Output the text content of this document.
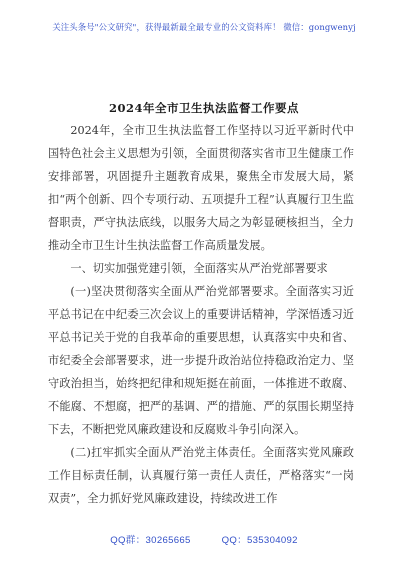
关注头条号"公文研究"，获得最新最全最专业的公文资料库！ 微信：gongwenyj
2024年全市卫生执法监督工作要点

2024年，全市卫生执法监督工作坚持以习近平新时代中国特色社会主义思想为引领，全面贯彻落实省市卫生健康工作安排部署，巩固提升主题教育成果，聚焦全市发展大局，紧扣“两个创新、四个专项行动、五项提升工程”认真履行卫生监督职责，严守执法底线，以服务大局之为彰显硬核担当，全力推动全市卫生计生执法监督工作高质量发展。

一、切实加强党建引领，全面落实从严治党部署要求

(一)坚决贯彻落实全面从严治党部署要求。全面落实习近平总书记在中纪委三次会议上的重要讲话精神，学深悟透习近平总书记关于党的自我革命的重要思想，认真落实中央和省、市纪委全会部署要求，进一步提升政治站位持稳政治定力、坚守政治担当，始终把纪律和规矩挺在前面，一体推进不敢腐、不能腐、不想腐，把严的基调、严的措施、严的氛围长期坚持下去，不断把党风廉政建设和反腐败斗争引向深入。

(二)扛牢抓实全面从严治党主体责任。全面落实党风廉政工作目标责任制，认真履行第一责任人责任，严格落实“一岗双责”，全力抓好党风廉政建设，持续改进工作

QQ群：30265665	QQ：535304092
